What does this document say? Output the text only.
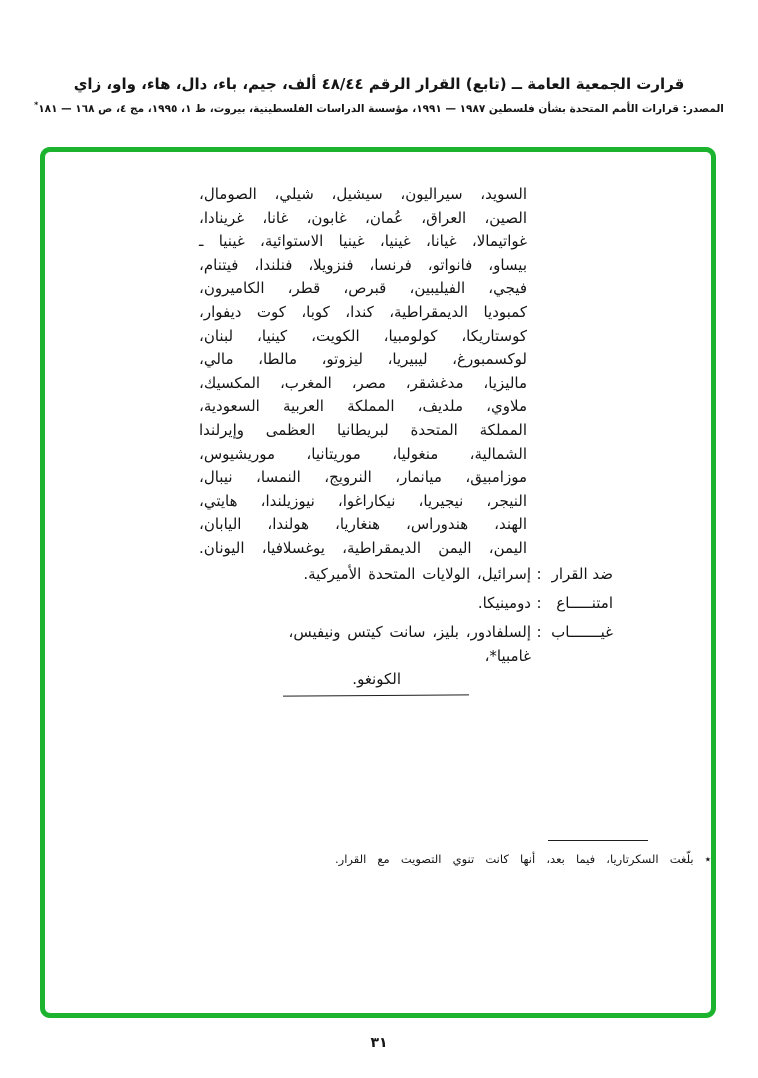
قرارت الجمعية العامة ــ (تابع) القرار الرقم ٤٨/٤٤ ألف، جيم، باء، دال، هاء، واو، زاي
المصدر: قرارات الأمم المتحدة بشأن فلسطين ١٩٨٧ — ١٩٩١، مؤسسة الدراسات الفلسطينية، بيروت، ط ١، ١٩٩٥، مج ٤، ص ١٦٨ — ١٨١*
السويد، سيراليون، سيشيل، شيلي، الصومال،
الصين، العراق، عُمان، غابون، غانا، غرينادا،
غواتيمالا، غيانا، غينيا، غينيا الاستوائية، غينيا ـ
بيساو، فانواتو، فرنسا، فنزويلا، فنلندا، فيتنام،
فيجي، الفيليبين، قبرص، قطر، الكاميرون،
كمبوديا الديمقراطية، كندا، كوبا، كوت ديفوار،
كوستاريكا، كولومبيا، الكويت، كينيا، لبنان،
لوكسمبورغ، ليبيريا، ليزوتو، مالطا، مالي،
ماليزيا، مدغشقر، مصر، المغرب، المكسيك،
ملاوي، ملديف، المملكة العربية السعودية،
المملكة المتحدة لبريطانيا العظمى وإيرلندا
الشمالية، منغوليا، موريتانيا، موريشيوس،
موزامبيق، ميانمار، النرويج، النمسا، نيبال،
النيجر، نيجيريا، نيكاراغوا، نيوزيلندا، هايتي،
الهند، هندوراس، هنغاريا، هولندا، اليابان،
اليمن، اليمن الديمقراطية، يوغسلافيا، اليونان.
ضد القرار
:
إسرائيل، الولايات المتحدة الأميركية.
امتنـــــاع
:
دومينيكا.
غيـــــــاب
:
إلسلفادور، بليز، سانت كيتس ونيفيس، غامبيا*،
الكونغو.
٭ بلّغت السكرتاريا، فيما بعد، أنها كانت تنوي التصويت مع القرار.
٣١
